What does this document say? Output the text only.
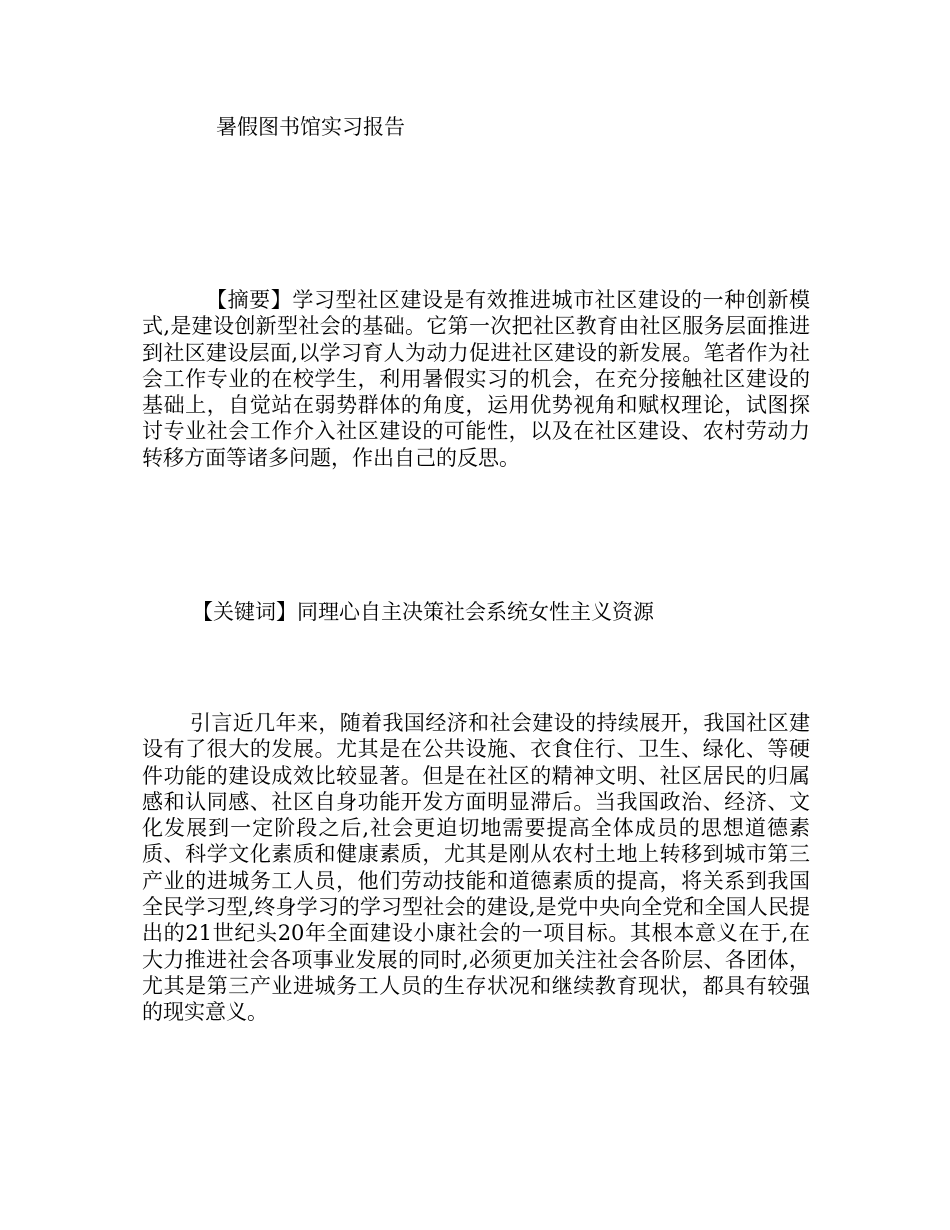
暑假图书馆实习报告

【摘要】学习型社区建设是有效推进城市社区建设的一种创新模式,是建设创新型社会的基础。它第一次把社区教育由社区服务层面推进到社区建设层面,以学习育人为动力促进社区建设的新发展。笔者作为社会工作专业的在校学生，利用暑假实习的机会，在充分接触社区建设的基础上，自觉站在弱势群体的角度，运用优势视角和赋权理论，试图探讨专业社会工作介入社区建设的可能性，以及在社区建设、农村劳动力转移方面等诸多问题，作出自己的反思。

【关键词】同理心自主决策社会系统女性主义资源

引言近几年来，随着我国经济和社会建设的持续展开，我国社区建设有了很大的发展。尤其是在公共设施、衣食住行、卫生、绿化、等硬件功能的建设成效比较显著。但是在社区的精神文明、社区居民的归属感和认同感、社区自身功能开发方面明显滞后。当我国政治、经济、文化发展到一定阶段之后,社会更迫切地需要提高全体成员的思想道德素质、科学文化素质和健康素质，尤其是刚从农村土地上转移到城市第三产业的进城务工人员，他们劳动技能和道德素质的提高，将关系到我国全民学习型,终身学习的学习型社会的建设,是党中央向全党和全国人民提出的21世纪头20年全面建设小康社会的一项目标。其根本意义在于,在大力推进社会各项事业发展的同时,必须更加关注社会各阶层、各团体，尤其是第三产业进城务工人员的生存状况和继续教育现状，都具有较强的现实意义。
